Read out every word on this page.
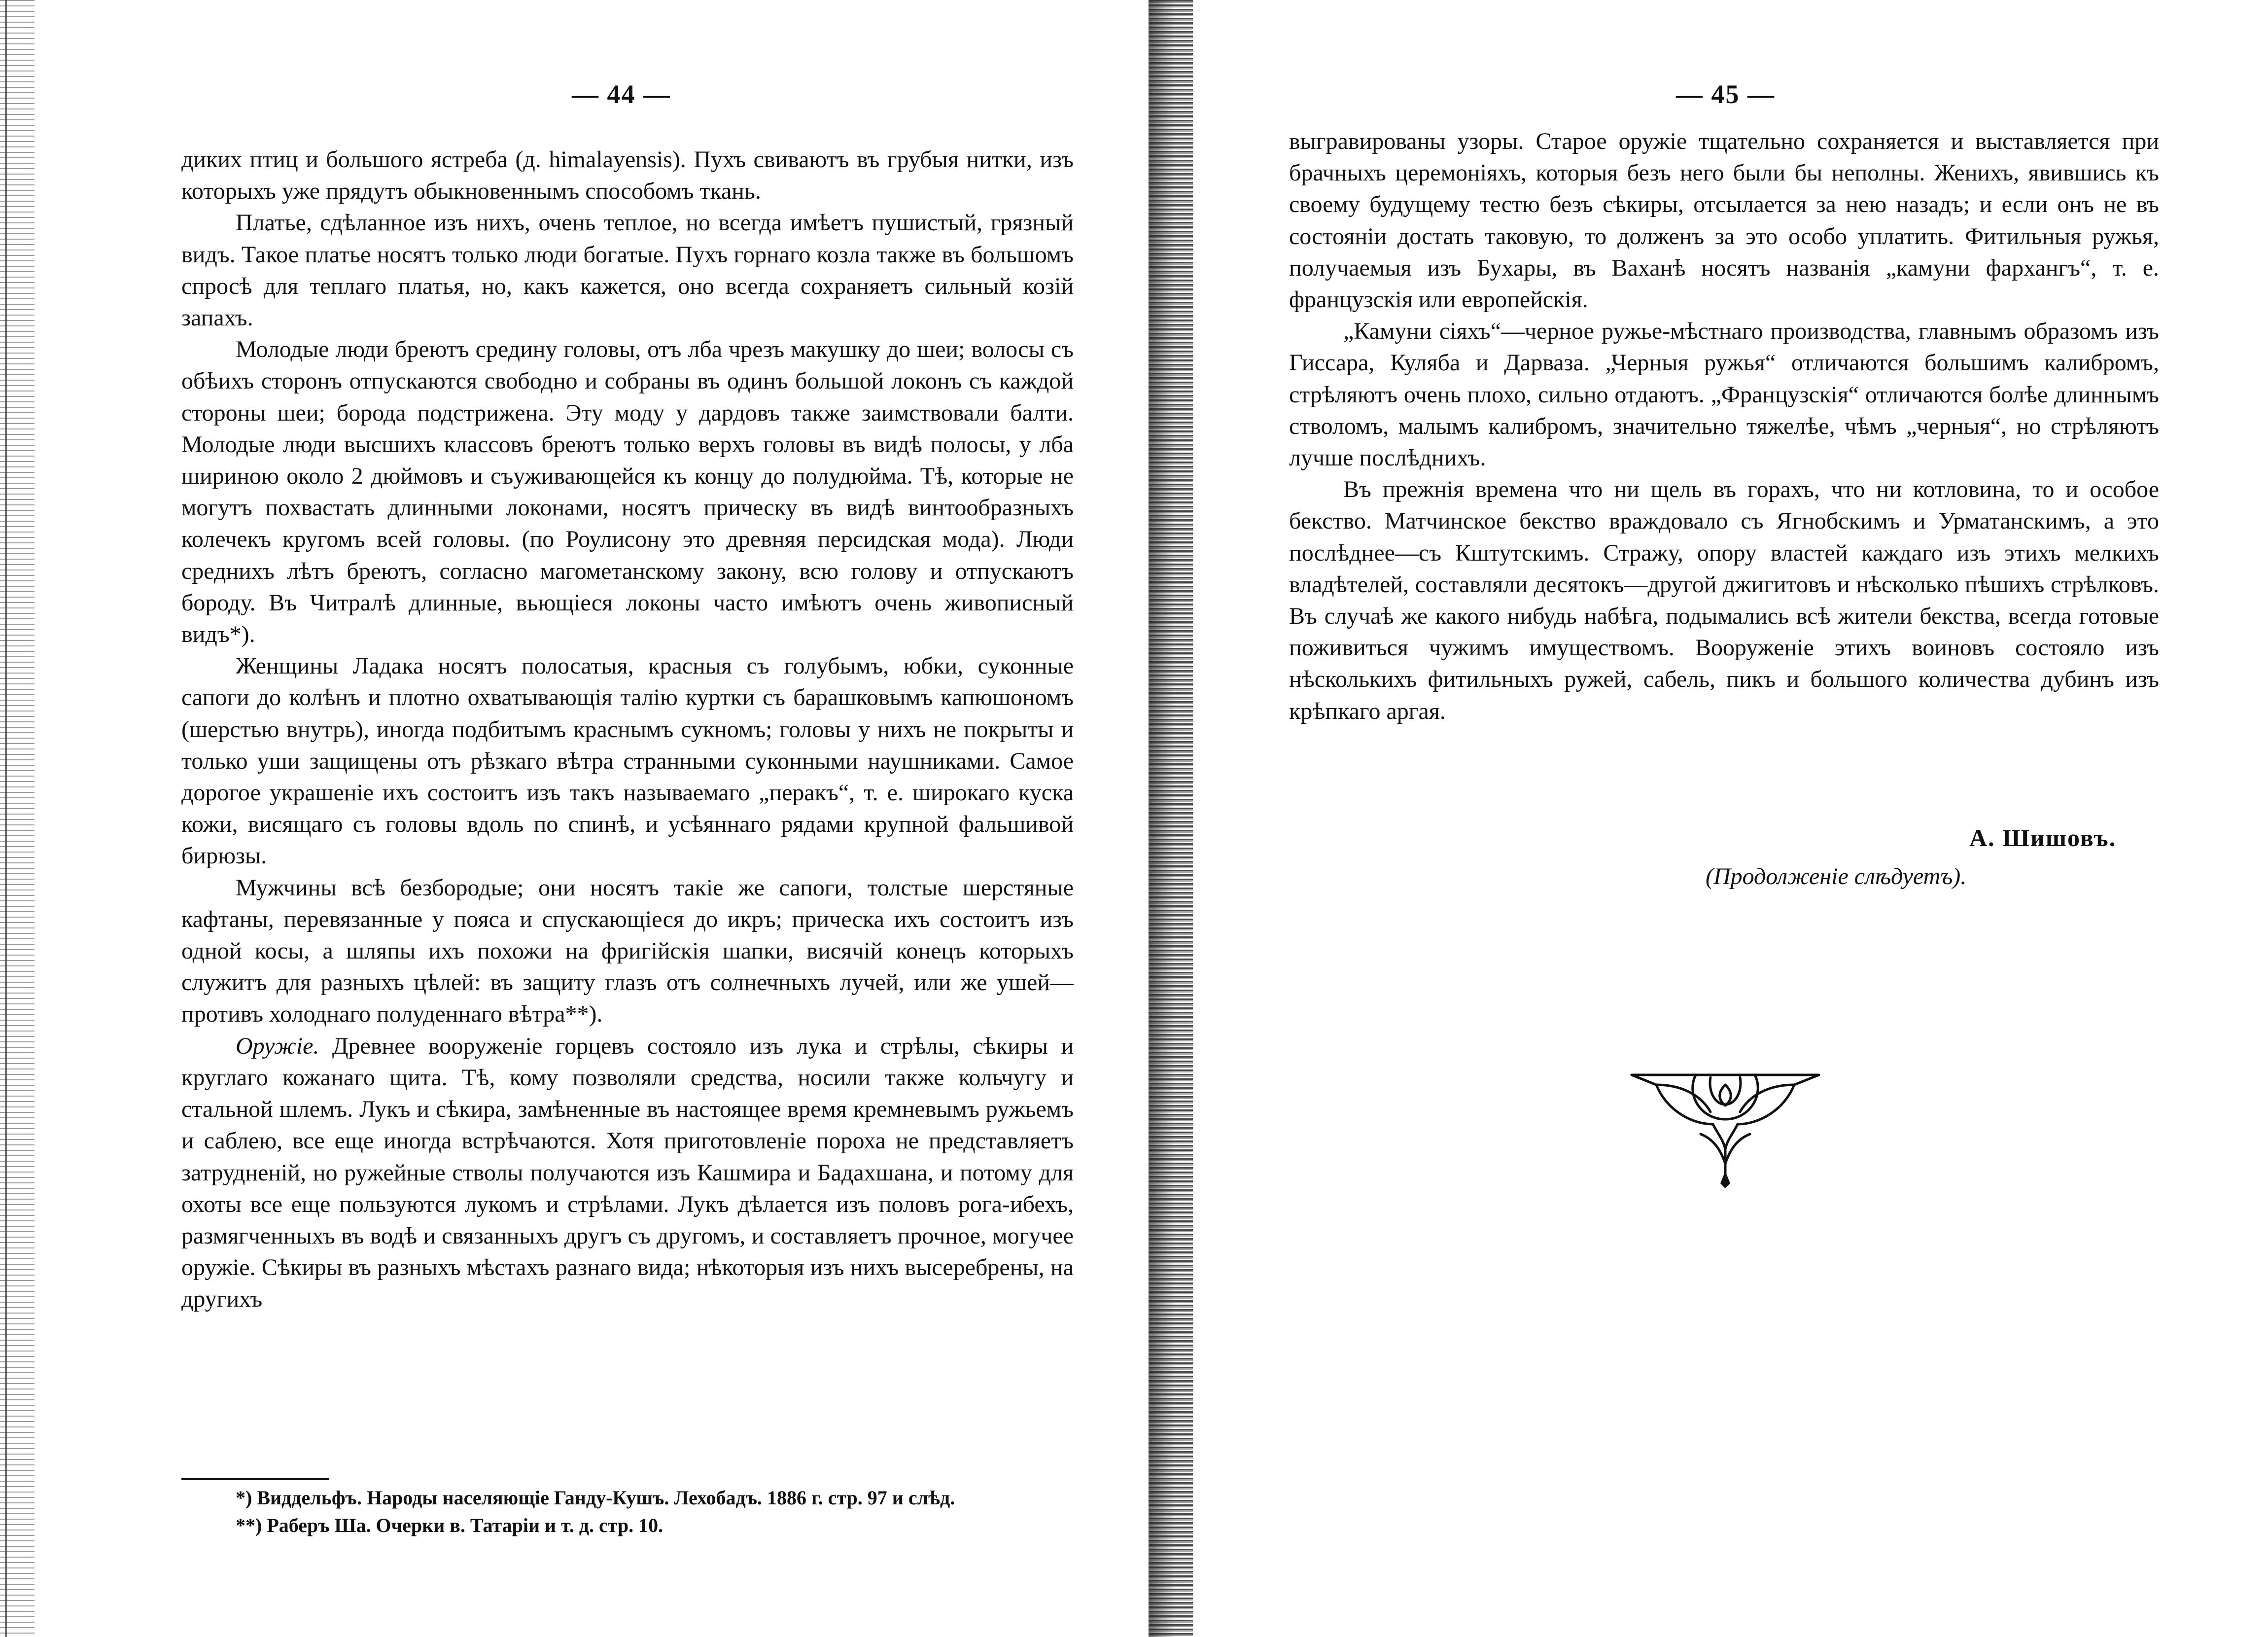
— 44 —

диких птиц и большого ястреба (д. himalayensis). Пухъ свиваютъ въ грубыя нитки, изъ которыхъ уже прядутъ обыкновеннымъ способомъ ткань.

Платье, сдѣланное изъ нихъ, очень теплое, но всегда имѣетъ пушистый, грязный видъ. Такое платье носятъ только люди богатые. Пухъ горнаго козла также въ большомъ спросѣ для теплаго платья, но, какъ кажется, оно всегда сохраняетъ сильный козій запахъ.

Молодые люди бреютъ средину головы, отъ лба чрезъ макушку до шеи; волосы съ обѣихъ сторонъ отпускаются свободно и собраны въ одинъ большой локонъ съ каждой стороны шеи; борода подстрижена. Эту моду у дардовъ также заимствовали балти. Молодые люди высшихъ классовъ бреютъ только верхъ головы въ видѣ полосы, у лба шириною около 2 дюймовъ и съуживающейся къ концу до полудюйма. Тѣ, которые не могутъ похвастать длинными локонами, носятъ прическу въ видѣ винтообразныхъ колечекъ кругомъ всей головы. (по Роулисону это древняя персидская мода). Люди среднихъ лѣтъ бреютъ, согласно магометанскому закону, всю голову и отпускаютъ бороду. Въ Читралѣ длинные, вьющіеся локоны часто имѣютъ очень живописный видъ*).

Женщины Ладака носятъ полосатыя, красныя съ голубымъ, юбки, суконные сапоги до колѣнъ и плотно охватывающія талію куртки съ барашковымъ капюшономъ (шерстью внутрь), иногда подбитымъ краснымъ сукномъ; головы у нихъ не покрыты и только уши защищены отъ рѣзкаго вѣтра странными суконными наушниками. Самое дорогое украшеніе ихъ состоитъ изъ такъ называемаго „перакъ“, т. е. широкаго куска кожи, висящаго съ головы вдоль по спинѣ, и усѣяннаго рядами крупной фальшивой бирюзы.

Мужчины всѣ безбородые; они носятъ такіе же сапоги, толстые шерстяные кафтаны, перевязанные у пояса и спускающіеся до икръ; прическа ихъ состоитъ изъ одной косы, а шляпы ихъ похожи на фригійскія шапки, висячій конецъ которыхъ служитъ для разныхъ цѣлей: въ защиту глазъ отъ солнечныхъ лучей, или же ушей—противъ холоднаго полуденнаго вѣтра**).

Оружіе. Древнее вооруженіе горцевъ состояло изъ лука и стрѣлы, сѣкиры и круглаго кожанаго щита. Тѣ, кому позволяли средства, носили также кольчугу и стальной шлемъ. Лукъ и сѣкира, замѣненные въ настоящее время кремневымъ ружьемъ и саблею, все еще иногда встрѣчаются. Хотя приготовленіе пороха не представляетъ затрудненій, но ружейные стволы получаются изъ Кашмира и Бадахшана, и потому для охоты все еще пользуются лукомъ и стрѣлами. Лукъ дѣлается изъ половъ рога-ибехъ, размягченныхъ въ водѣ и связанныхъ другъ съ другомъ, и составляетъ прочное, могучее оружіе. Сѣкиры въ разныхъ мѣстахъ разнаго вида; нѣкоторыя изъ нихъ высеребрены, на другихъ

*) Виддельфъ. Народы населяющіе Ганду-Кушъ. Лехобадъ. 1886 г. стр. 97 и слѣд.

**) Раберъ Ша. Очерки в. Татаріи и т. д. стр. 10.

— 45 —

выгравированы узоры. Старое оружіе тщательно сохраняется и выставляется при брачныхъ церемоніяхъ, которыя безъ него были бы неполны. Женихъ, явившись къ своему будущему тестю безъ сѣкиры, отсылается за нею назадъ; и если онъ не въ состояніи достать таковую, то долженъ за это особо уплатить. Фитильныя ружья, получаемыя изъ Бухары, въ Ваханѣ носятъ названія „камуни фархангъ“, т. е. французскія или европейскія.

„Камуни сіяхъ“—черное ружье-мѣстнаго производства, главнымъ образомъ изъ Гиссара, Куляба и Дарваза. „Черныя ружья“ отличаются большимъ калибромъ, стрѣляютъ очень плохо, сильно отдаютъ. „Французскія“ отличаются болѣе длиннымъ стволомъ, малымъ калибромъ, значительно тяжелѣе, чѣмъ „черныя“, но стрѣляютъ лучше послѣднихъ.

Въ прежнія времена что ни щель въ горахъ, что ни котловина, то и особое бекство. Матчинское бекство враждовало съ Ягнобскимъ и Урматанскимъ, а это послѣднее—съ Кштутскимъ. Стражу, опору властей каждаго изъ этихъ мелкихъ владѣтелей, составляли десятокъ—другой джигитовъ и нѣсколько пѣшихъ стрѣлковъ. Въ случаѣ же какого нибудь набѣга, подымались всѣ жители бекства, всегда готовые поживиться чужимъ имуществомъ. Вооруженіе этихъ воиновъ состояло изъ нѣсколькихъ фитильныхъ ружей, сабель, пикъ и большого количества дубинъ изъ крѣпкаго аргая.

А. Шишовъ.
(Продолженіе слѣдуетъ).
